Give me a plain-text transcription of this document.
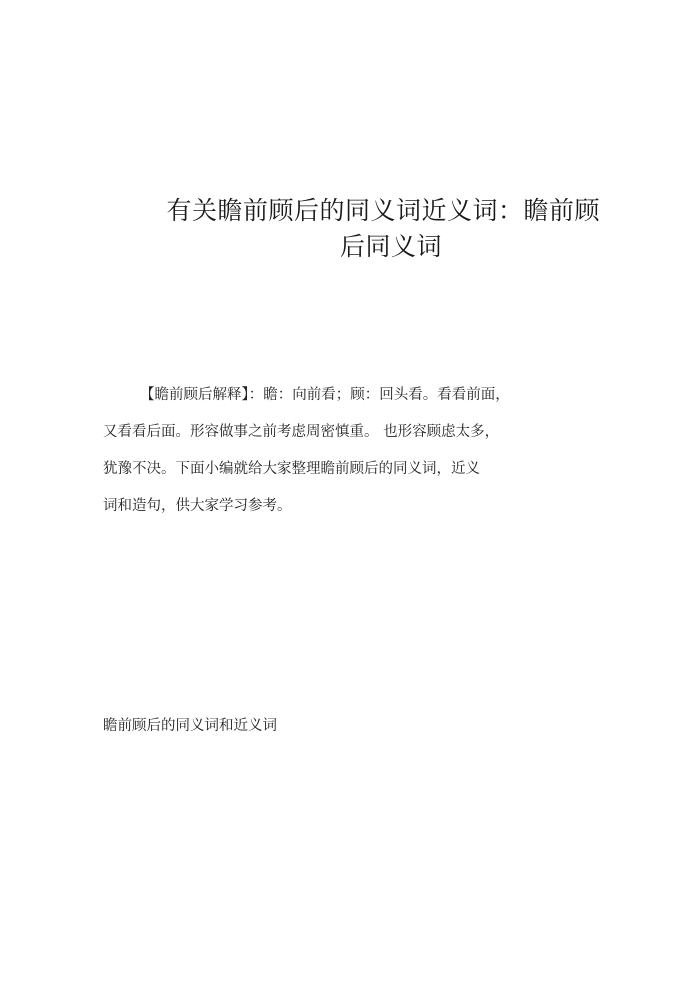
有关瞻前顾后的同义词近义词：瞻前顾
后同义词
【瞻前顾后解释】：瞻：向前看；顾：回头看。看看前面，
又看看后面。形容做事之前考虑周密慎重。 也形容顾虑太多，
犹豫不决。下面小编就给大家整理瞻前顾后的同义词，近义
词和造句，供大家学习参考。
瞻前顾后的同义词和近义词
